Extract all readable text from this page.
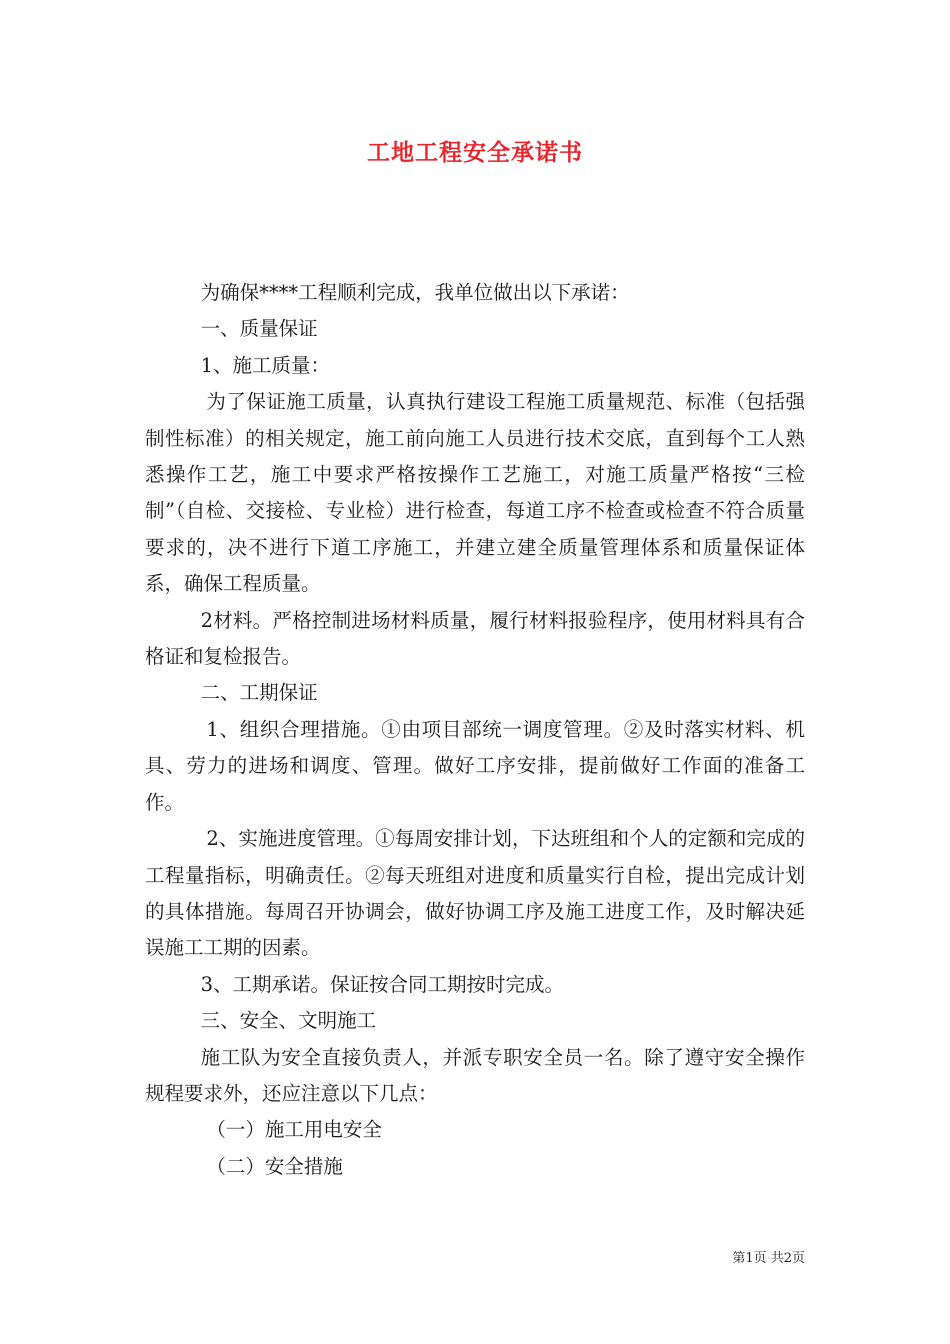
工地工程安全承诺书

为确保****工程顺利完成，我单位做出以下承诺：

一、质量保证

1、施工质量：

为了保证施工质量，认真执行建设工程施工质量规范、标准（包括强制性标准）的相关规定，施工前向施工人员进行技术交底，直到每个工人熟悉操作工艺，施工中要求严格按操作工艺施工，对施工质量严格按“三检制”（自检、交接检、专业检）进行检查，每道工序不检查或检查不符合质量要求的，决不进行下道工序施工，并建立建全质量管理体系和质量保证体系，确保工程质量。

2材料。严格控制进场材料质量，履行材料报验程序，使用材料具有合格证和复检报告。

二、工期保证

1、组织合理措施。①由项目部统一调度管理。②及时落实材料、机具、劳力的进场和调度、管理。做好工序安排，提前做好工作面的准备工作。

2、实施进度管理。①每周安排计划，下达班组和个人的定额和完成的工程量指标，明确责任。②每天班组对进度和质量实行自检，提出完成计划的具体措施。每周召开协调会，做好协调工序及施工进度工作，及时解决延误施工工期的因素。

3、工期承诺。保证按合同工期按时完成。

三、安全、文明施工

施工队为安全直接负责人，并派专职安全员一名。除了遵守安全操作规程要求外，还应注意以下几点：

（一）施工用电安全

（二）安全措施

第1页 共2页
